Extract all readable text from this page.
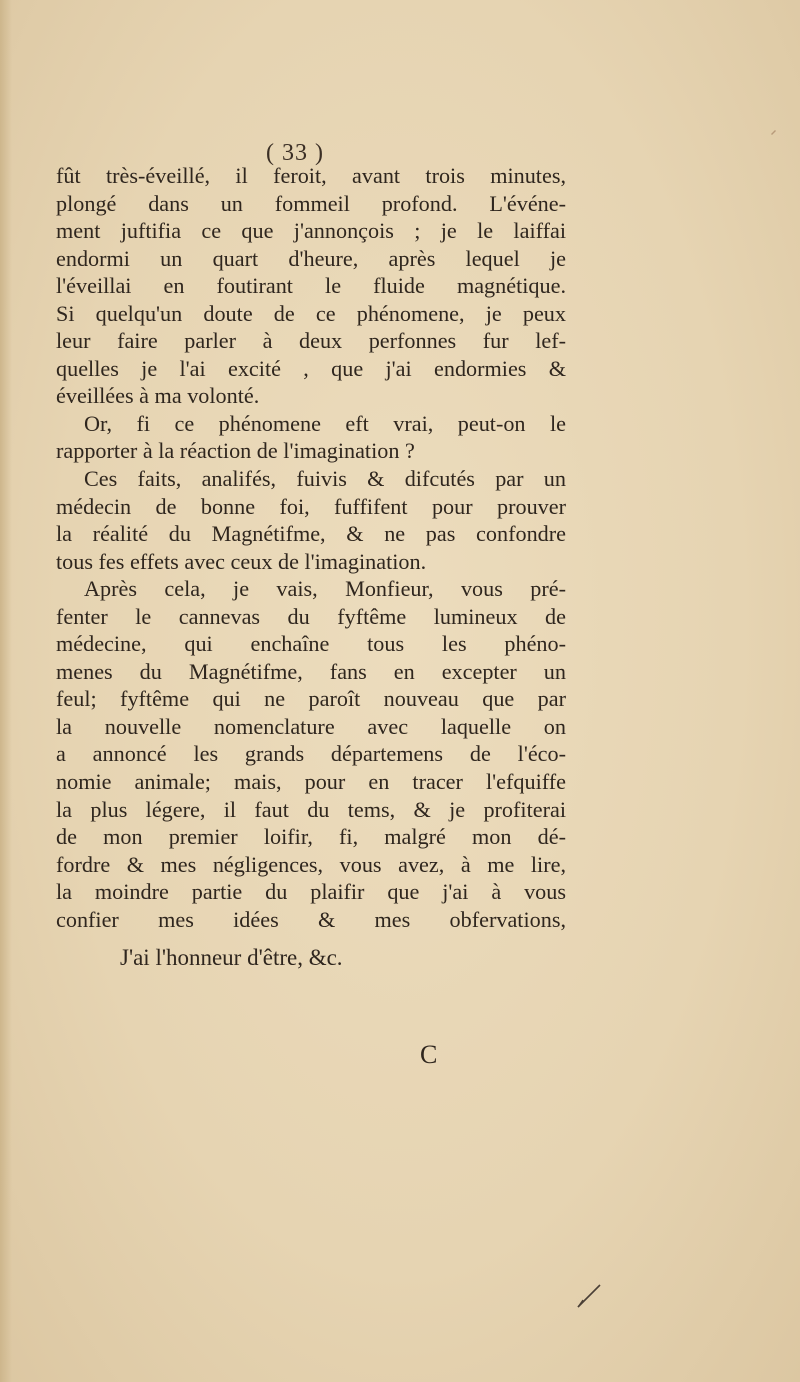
( 33 )
fût très-éveillé, il feroit, avant trois minutes,
plongé dans un fommeil profond. L'événe-
ment juftifia ce que j'annonçois ; je le laiffai
endormi un quart d'heure, après lequel je
l'éveillai en foutirant le fluide magnétique.
Si quelqu'un doute de ce phénomene, je peux
leur faire parler à deux perfonnes fur lef-
quelles je l'ai excité , que j'ai endormies &
éveillées à ma volonté.
Or, fi ce phénomene eft vrai, peut-on le
rapporter à la réaction de l'imagination ?
Ces faits, analifés, fuivis & difcutés par un
médecin de bonne foi, fuffifent pour prouver
la réalité du Magnétifme, & ne pas confondre
tous fes effets avec ceux de l'imagination.
Après cela, je vais, Monfieur, vous pré-
fenter le cannevas du fyftême lumineux de
médecine, qui enchaîne tous les phéno-
menes du Magnétifme, fans en excepter un
feul; fyftême qui ne paroît nouveau que par
la nouvelle nomenclature avec laquelle on
a annoncé les grands départemens de l'éco-
nomie animale; mais, pour en tracer l'efquiffe
la plus légere, il faut du tems, & je profiterai
de mon premier loifir, fi, malgré mon dé-
fordre & mes négligences, vous avez, à me lire,
la moindre partie du plaifir que j'ai à vous
confier mes idées & mes obfervations,
J'ai l'honneur d'être, &c.
C
